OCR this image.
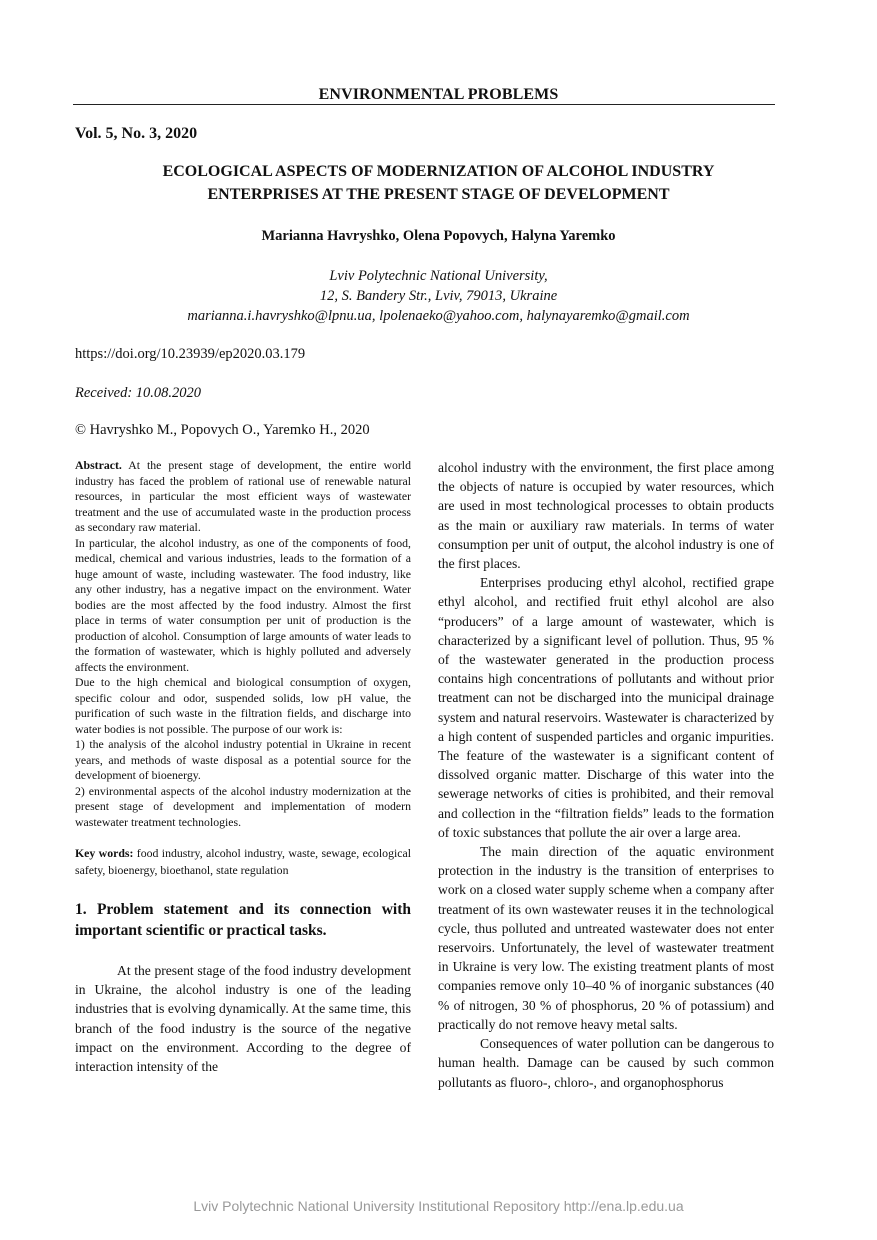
ENVIRONMENTAL PROBLEMS
Vol. 5, No. 3, 2020
ECOLOGICAL ASPECTS OF MODERNIZATION OF ALCOHOL INDUSTRY
ENTERPRISES AT THE PRESENT STAGE OF DEVELOPMENT
Marianna Havryshko, Olena Popovych, Halyna Yaremko
Lviv Polytechnic National University,
12, S. Bandery Str., Lviv, 79013, Ukraine
marianna.i.havryshko@lpnu.ua, lpolenaeko@yahoo.com, halynayaremko@gmail.com
https://doi.org/10.23939/ep2020.03.179
Received: 10.08.2020
© Havryshko M., Popovych O., Yaremko H., 2020

Abstract. At the present stage of development, the entire world industry has faced the problem of rational use of renewable natural resources, in particular the most efficient ways of wastewater treatment and the use of accumulated waste in the production process as secondary raw material.

In particular, the alcohol industry, as one of the components of food, medical, chemical and various industries, leads to the formation of a huge amount of waste, including wastewater. The food industry, like any other industry, has a negative impact on the environment. Water bodies are the most affected by the food industry. Almost the first place in terms of water consumption per unit of production is the production of alcohol. Consumption of large amounts of water leads to the formation of wastewater, which is highly polluted and adversely affects the environment.

Due to the high chemical and biological consumption of oxygen, specific colour and odor, suspended solids, low pH value, the purification of such waste in the filtration fields, and discharge into water bodies is not possible. The purpose of our work is:

1) the analysis of the alcohol industry potential in Ukraine in recent years, and methods of waste disposal as a potential source for the development of bioenergy.

2) environmental aspects of the alcohol industry modernization at the present stage of development and implementation of modern wastewater treatment technologies.

Key words: food industry, alcohol industry, waste, sewage, ecological safety, bioenergy, bioethanol, state regulation
1. Problem statement and its connection with important scientific or practical tasks.

At the present stage of the food industry development in Ukraine, the alcohol industry is one of the leading industries that is evolving dynamically. At the same time, this branch of the food industry is the source of the negative impact on the environment. According to the degree of interaction intensity of the

alcohol industry with the environment, the first place among the objects of nature is occupied by water resources, which are used in most technological processes to obtain products as the main or auxiliary raw materials. In terms of water consumption per unit of output, the alcohol industry is one of the first places.

Enterprises producing ethyl alcohol, rectified grape ethyl alcohol, and rectified fruit ethyl alcohol are also “producers” of a large amount of wastewater, which is characterized by a significant level of pollution. Thus, 95 % of the wastewater generated in the production process contains high concentrations of pollutants and without prior treatment can not be discharged into the municipal drainage system and natural reservoirs. Wastewater is characterized by a high content of suspended particles and organic impurities. The feature of the wastewater is a significant content of dissolved organic matter. Discharge of this water into the sewerage networks of cities is prohibited, and their removal and collection in the “filtration fields” leads to the formation of toxic substances that pollute the air over a large area.

The main direction of the aquatic environment protection in the industry is the transition of enterprises to work on a closed water supply scheme when a company after treatment of its own wastewater reuses it in the technological cycle, thus polluted and untreated wastewater does not enter reservoirs. Unfortunately, the level of wastewater treatment in Ukraine is very low. The existing treatment plants of most companies remove only 10–40 % of inorganic substances (40 % of nitrogen, 30 % of phosphorus, 20 % of potassium) and practically do not remove heavy metal salts.

Consequences of water pollution can be dangerous to human health. Damage can be caused by such common pollutants as fluoro-, chloro-, and organophosphorus

Lviv Polytechnic National University Institutional Repository http://ena.lp.edu.ua
